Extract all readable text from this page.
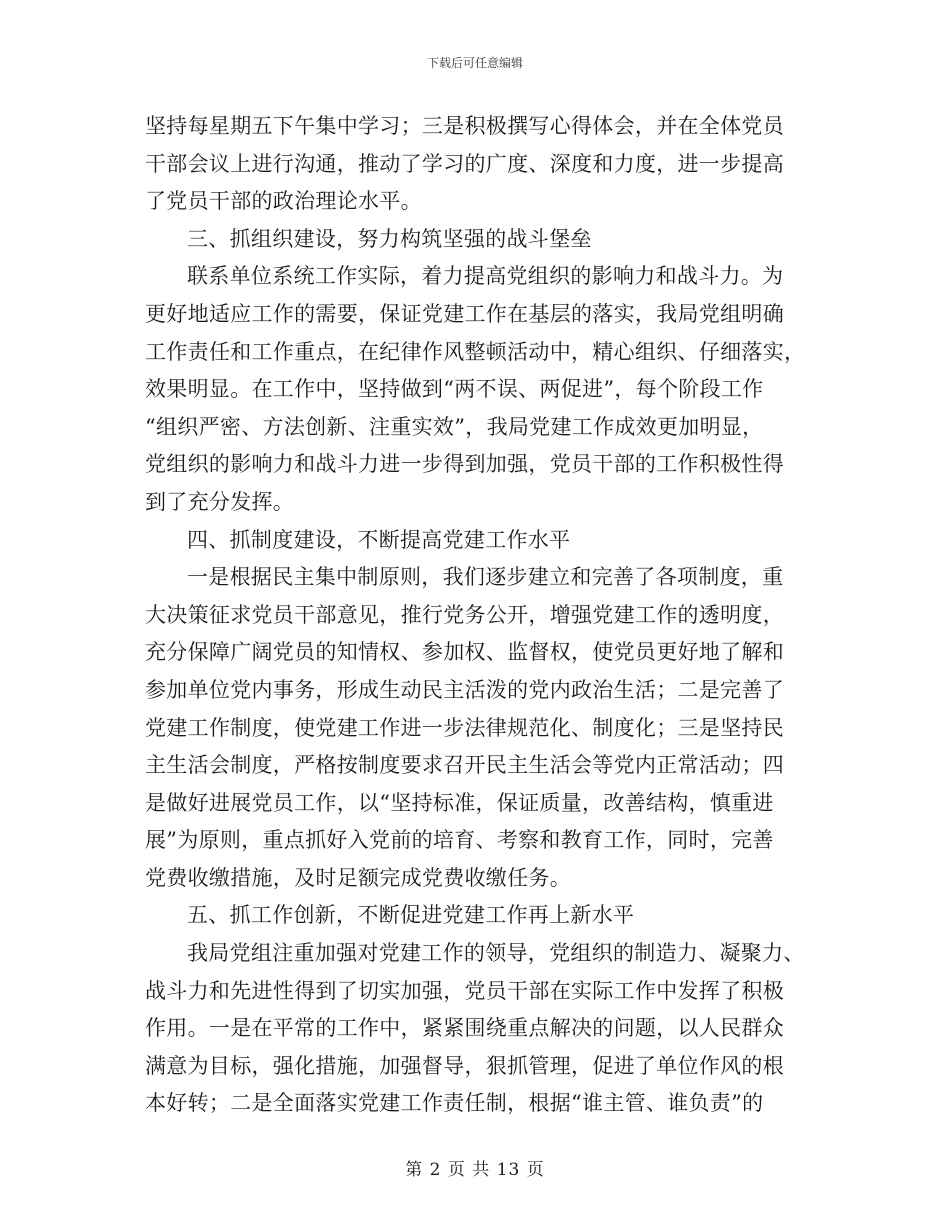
下载后可任意编辑
坚持每星期五下午集中学习；三是积极撰写心得体会，并在全体党员
干部会议上进行沟通，推动了学习的广度、深度和力度，进一步提高
了党员干部的政治理论水平。
三、抓组织建设，努力构筑坚强的战斗堡垒
联系单位系统工作实际，着力提高党组织的影响力和战斗力。为
更好地适应工作的需要，保证党建工作在基层的落实，我局党组明确
工作责任和工作重点，在纪律作风整顿活动中，精心组织、仔细落实，
效果明显。在工作中，坚持做到“两不误、两促进”，每个阶段工作
“组织严密、方法创新、注重实效”，我局党建工作成效更加明显，
党组织的影响力和战斗力进一步得到加强，党员干部的工作积极性得
到了充分发挥。
四、抓制度建设，不断提高党建工作水平
一是根据民主集中制原则，我们逐步建立和完善了各项制度，重
大决策征求党员干部意见，推行党务公开，增强党建工作的透明度，
充分保障广阔党员的知情权、参加权、监督权，使党员更好地了解和
参加单位党内事务，形成生动民主活泼的党内政治生活；二是完善了
党建工作制度，使党建工作进一步法律规范化、制度化；三是坚持民
主生活会制度，严格按制度要求召开民主生活会等党内正常活动；四
是做好进展党员工作，以“坚持标准，保证质量，改善结构，慎重进
展”为原则，重点抓好入党前的培育、考察和教育工作，同时，完善
党费收缴措施，及时足额完成党费收缴任务。
五、抓工作创新，不断促进党建工作再上新水平
我局党组注重加强对党建工作的领导，党组织的制造力、凝聚力、
战斗力和先进性得到了切实加强，党员干部在实际工作中发挥了积极
作用。一是在平常的工作中，紧紧围绕重点解决的问题，以人民群众
满意为目标，强化措施，加强督导，狠抓管理，促进了单位作风的根
本好转；二是全面落实党建工作责任制，根据“谁主管、谁负责”的
第 2 页 共 13 页
